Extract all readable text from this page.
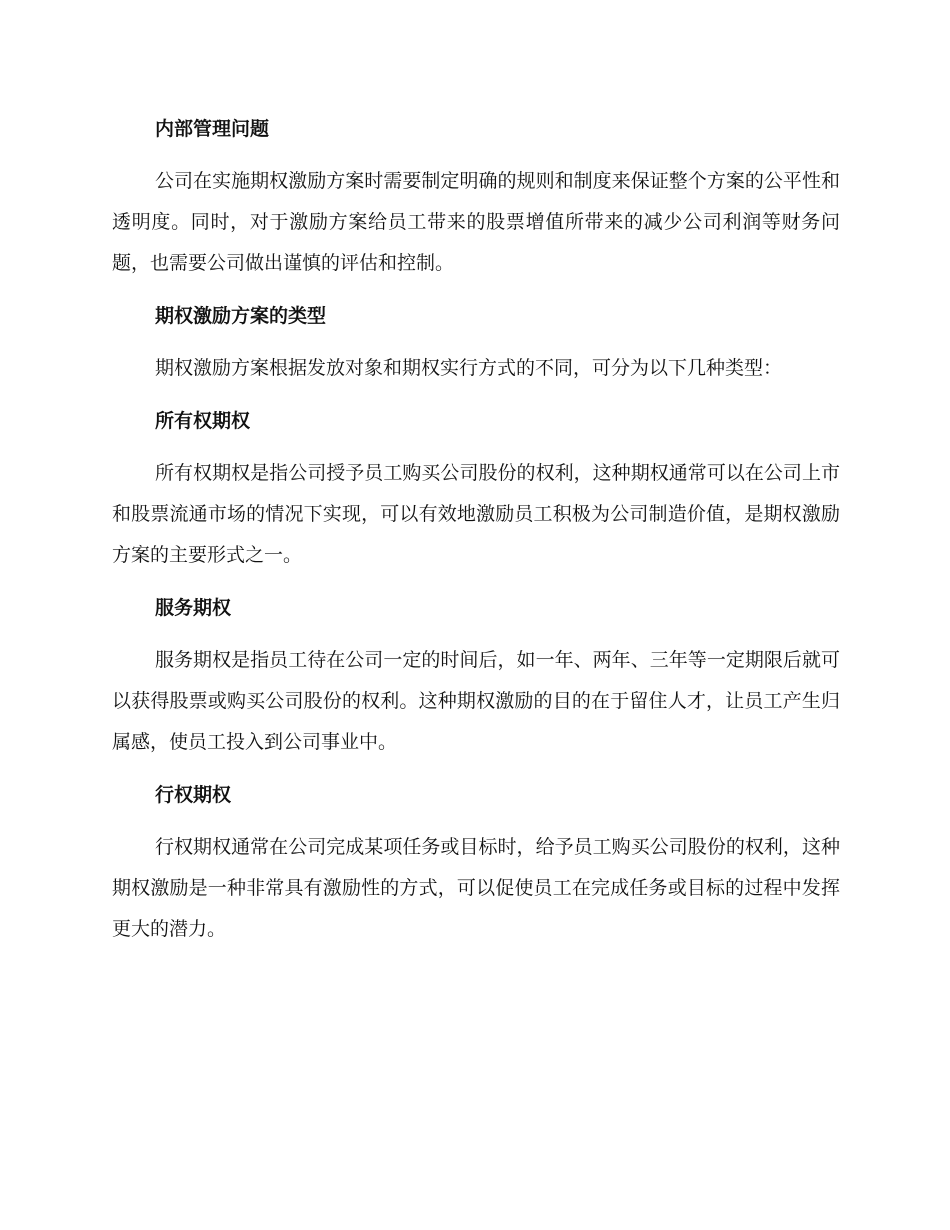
内部管理问题

公司在实施期权激励方案时需要制定明确的规则和制度来保证整个方案的公平性和透明度。同时，对于激励方案给员工带来的股票增值所带来的减少公司利润等财务问题，也需要公司做出谨慎的评估和控制。

期权激励方案的类型

期权激励方案根据发放对象和期权实行方式的不同，可分为以下几种类型：

所有权期权

所有权期权是指公司授予员工购买公司股份的权利，这种期权通常可以在公司上市和股票流通市场的情况下实现，可以有效地激励员工积极为公司制造价值，是期权激励方案的主要形式之一。

服务期权

服务期权是指员工待在公司一定的时间后，如一年、两年、三年等一定期限后就可以获得股票或购买公司股份的权利。这种期权激励的目的在于留住人才，让员工产生归属感，使员工投入到公司事业中。

行权期权

行权期权通常在公司完成某项任务或目标时，给予员工购买公司股份的权利，这种期权激励是一种非常具有激励性的方式，可以促使员工在完成任务或目标的过程中发挥更大的潜力。
